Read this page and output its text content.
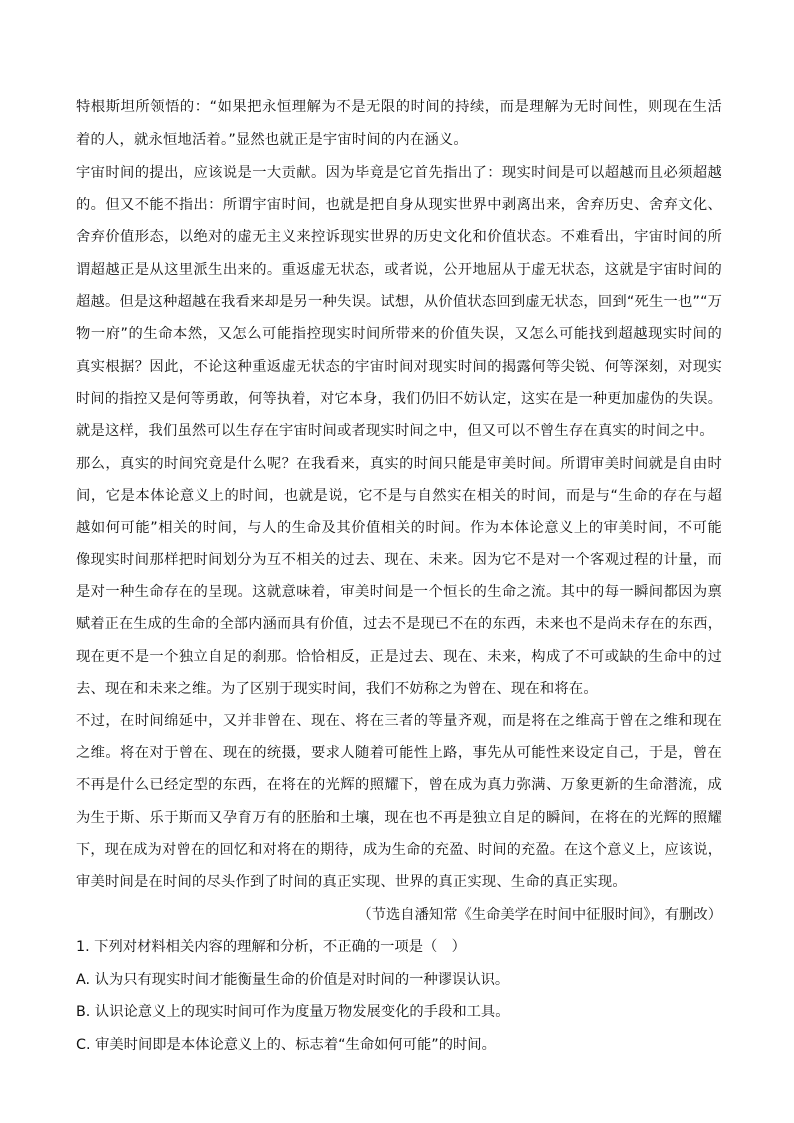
特根斯坦所领悟的：“如果把永恒理解为不是无限的时间的持续，而是理解为无时间性，则现在生活
着的人，就永恒地活着。”显然也就正是宇宙时间的内在涵义。
宇宙时间的提出，应该说是一大贡献。因为毕竟是它首先指出了：现实时间是可以超越而且必须超越
的。但又不能不指出：所谓宇宙时间，也就是把自身从现实世界中剥离出来，舍弃历史、舍弃文化、
舍弃价值形态，以绝对的虚无主义来控诉现实世界的历史文化和价值状态。不难看出，宇宙时间的所
谓超越正是从这里派生出来的。重返虚无状态，或者说，公开地屈从于虚无状态，这就是宇宙时间的
超越。但是这种超越在我看来却是另一种失误。试想，从价值状态回到虚无状态，回到“死生一也”“万
物一府”的生命本然，又怎么可能指控现实时间所带来的价值失误，又怎么可能找到超越现实时间的
真实根据？因此，不论这种重返虚无状态的宇宙时间对现实时间的揭露何等尖锐、何等深刻，对现实
时间的指控又是何等勇敢，何等执着，对它本身，我们仍旧不妨认定，这实在是一种更加虚伪的失误。
就是这样，我们虽然可以生存在宇宙时间或者现实时间之中，但又可以不曾生存在真实的时间之中。
那么，真实的时间究竟是什么呢？在我看来，真实的时间只能是审美时间。所谓审美时间就是自由时
间，它是本体论意义上的时间，也就是说，它不是与自然实在相关的时间，而是与“生命的存在与超
越如何可能”相关的时间，与人的生命及其价值相关的时间。作为本体论意义上的审美时间，不可能
像现实时间那样把时间划分为互不相关的过去、现在、未来。因为它不是对一个客观过程的计量，而
是对一种生命存在的呈现。这就意味着，审美时间是一个恒长的生命之流。其中的每一瞬间都因为禀
赋着正在生成的生命的全部内涵而具有价值，过去不是现已不在的东西，未来也不是尚未存在的东西，
现在更不是一个独立自足的刹那。恰恰相反，正是过去、现在、未来，构成了不可或缺的生命中的过
去、现在和未来之维。为了区别于现实时间，我们不妨称之为曾在、现在和将在。
不过，在时间绵延中，又并非曾在、现在、将在三者的等量齐观，而是将在之维高于曾在之维和现在
之维。将在对于曾在、现在的统摄，要求人随着可能性上路，事先从可能性来设定自己，于是，曾在
不再是什么已经定型的东西，在将在的光辉的照耀下，曾在成为真力弥满、万象更新的生命潜流，成
为生于斯、乐于斯而又孕育万有的胚胎和土壤，现在也不再是独立自足的瞬间，在将在的光辉的照耀
下，现在成为对曾在的回忆和对将在的期待，成为生命的充盈、时间的充盈。在这个意义上，应该说，
审美时间是在时间的尽头作到了时间的真正实现、世界的真正实现、生命的真正实现。
（节选自潘知常《生命美学在时间中征服时间》，有删改）
1. 下列对材料相关内容的理解和分析，不正确的一项是（　）
A. 认为只有现实时间才能衡量生命的价值是对时间的一种谬误认识。
B. 认识论意义上的现实时间可作为度量万物发展变化的手段和工具。
C. 审美时间即是本体论意义上的、标志着“生命如何可能”的时间。
